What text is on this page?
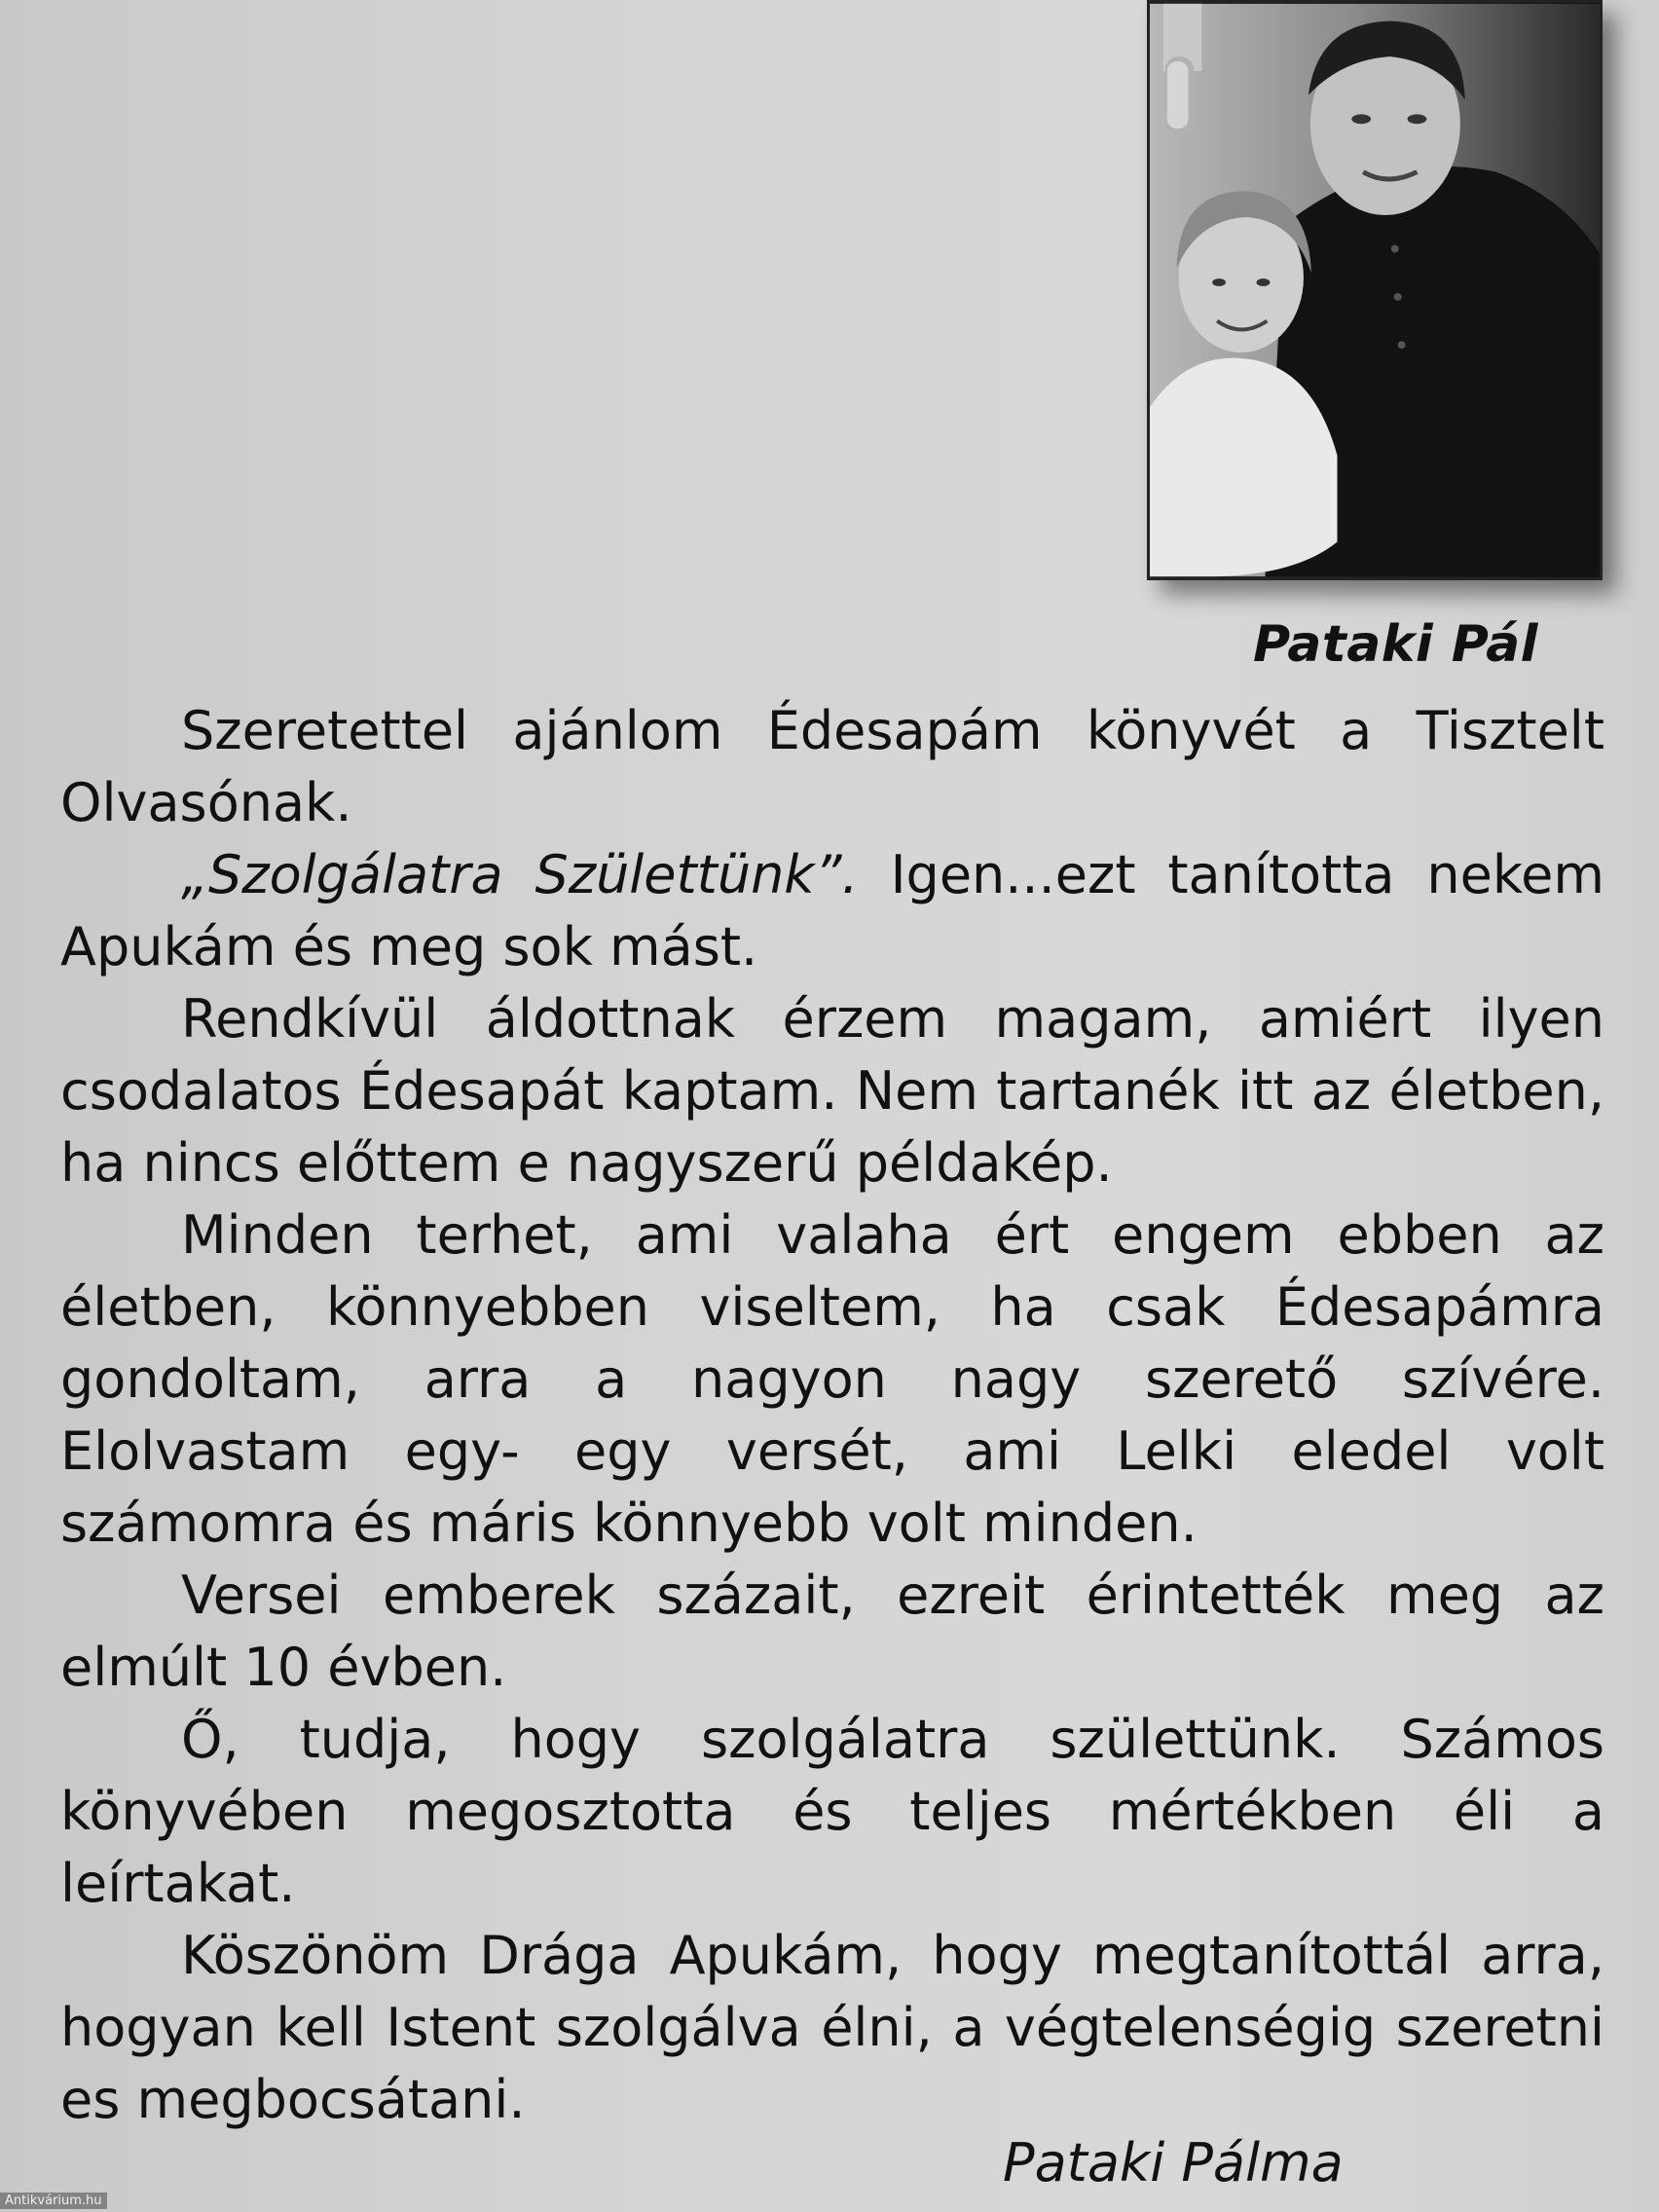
Pataki Pál

Szeretettel ajánlom Édesapám könyvét a Tisztelt Olvasónak.

„Szolgálatra Születtünk”. Igen...ezt tanította nekem Apukám és meg sok mást.

Rendkívül áldottnak érzem magam, amiért ilyen csodalatos Édesapát kaptam. Nem tartanék itt az életben, ha nincs előttem e nagyszerű példakép.

Minden terhet, ami valaha ért engem ebben az életben, könnyebben viseltem, ha csak Édesapámra gondoltam, arra a nagyon nagy szerető szívére. Elolvastam egy- egy versét, ami Lelki eledel volt számomra és máris könnyebb volt minden.

Versei emberek százait, ezreit érintették meg az elmúlt 10 évben.

Ő, tudja, hogy szolgálatra születtünk. Számos könyvében megosztotta és teljes mértékben éli a leírtakat.

Köszönöm Drága Apukám, hogy megtanítottál arra, hogyan kell Istent szolgálva élni, a végtelenségig szeretni es megbocsátani.

Pataki Pálma
Antikvárium.hu
